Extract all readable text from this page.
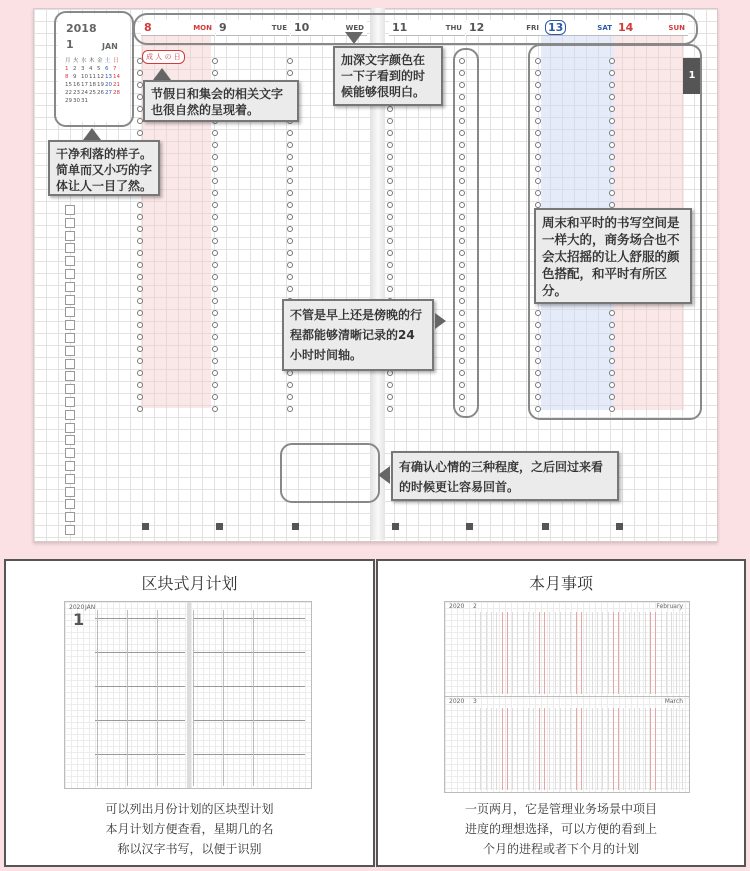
8	MON 9	TUE 10	WED	11	THU 12	FRI 13	SAT 14	SUN
2018
1	JAN
月 火 水 木 金 土 日
1 2 3 4 5 6 7
8 9 10 11 12 13 14
15 16 17 18 19 20 21
22 23 24 25 26 27 28
29 30 31
成 人 の 日
1
干净利落的样子。简单而又小巧的字体让人一目了然。
节假日和集会的相关文字也很自然的呈现着。
加深文字颜色在一下子看到的时候能够很明白。
周末和平时的书写空间是一样大的，商务场合也不会太招摇的让人舒服的颜色搭配，和平时有所区分。
不管是早上还是傍晚的行程都能够清晰记录的24小时时间轴。
有确认心情的三种程度，之后回过来看的时候更让容易回首。
区块式月计划
2020 JAN
1
可以列出月份计划的区块型计划
本月计划方便查看，星期几的名
称以汉字书写，以便于识别
本月事项
2020 2	February
2020 3	March
一页两月，它是管理业务场景中项目
进度的理想选择，可以方便的看到上
个月的进程或者下个月的计划
